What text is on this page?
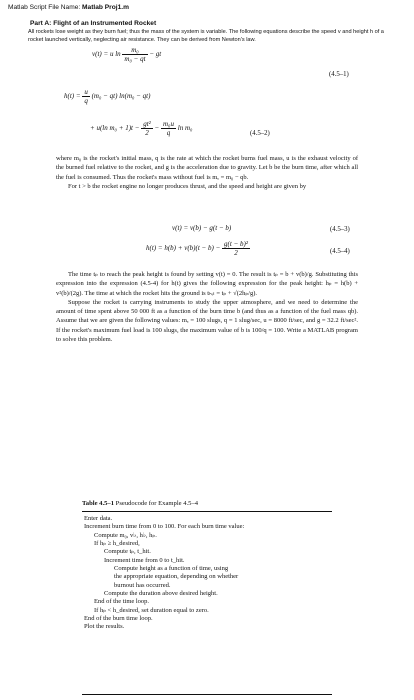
Matlab Script File Name: Matlab Proj1.m
Part A: Flight of an Instrumented Rocket
All rockets lose weight as they burn fuel; thus the mass of the system is variable. The following equations describe the speed v and height h of a rocket launched vertically, neglecting air resistance. They can be derived from Newton's law.
v(t) = u $\ln \frac{\text{m₀}}{\text{m₀ − qt}}$ − gt
(4.5–1)
$h(t) = \frac{u}{q} (m_0 - qt) \ln(m_0 - qt)$
+ u(ln $m_0 + 1)t - \frac{\text{gt²}}{2} - \frac{\text{m₀u}}{q}$ ln m₀
(4.5–2)

where m₀ is the rocket's initial mass, q is the rate at which the rocket burns fuel mass, u is the exhaust velocity of the burned fuel relative to the rocket, and g is the acceleration due to gravity. Let b be the burn time, after which all the fuel is consumed. Thus the rocket's mass without fuel is mₑ = m₀ − qb.

For t > b the rocket engine no longer produces thrust, and the speed and height are given by

v(t) = v(b) − g(t − b)	(4.5–3)
$h(t) = h(b) + v(b)(t - b) - \frac{\text{g(t − b)²}}{2}$	(4.5–4)

The time tₚ to reach the peak height is found by setting v(t) = 0. The result is tₚ = b + v(b)/g. Substituting this expression into the expression (4.5-4) for h(t) gives the following expression for the peak height: hₚ = h(b) + v²(b)/(2g). The time at which the rocket hits the ground is tₕᵢₜ = tₚ + √(2hₚ/g).

Suppose the rocket is carrying instruments to study the upper atmosphere, and we need to determine the amount of time spent above 50 000 ft as a function of the burn time b (and thus as a function of the fuel mass qb). Assume that we are given the following values: mₑ = 100 slugs, q = 1 slug/sec, u = 8000 ft/sec, and g = 32.2 ft/sec². If the rocket's maximum fuel load is 100 slugs, the maximum value of b is 100/q = 100. Write a MATLAB program to solve this problem.

Table 4.5–1 Pseudocode for Example 4.5–4
Enter data.
Increment burn time from 0 to 100. For each burn time value:
Compute m₀, v♭, h♭, hₚ.
If hₚ ≥ h_desired,
Compute tₚ, t_hit.
Increment time from 0 to t_hit.
Compute height as a function of time, using
the appropriate equation, depending on whether
burnout has occurred.
Compute the duration above desired height.
End of the time loop.
If hₚ < h_desired, set duration equal to zero.
End of the burn time loop.
Plot the results.
